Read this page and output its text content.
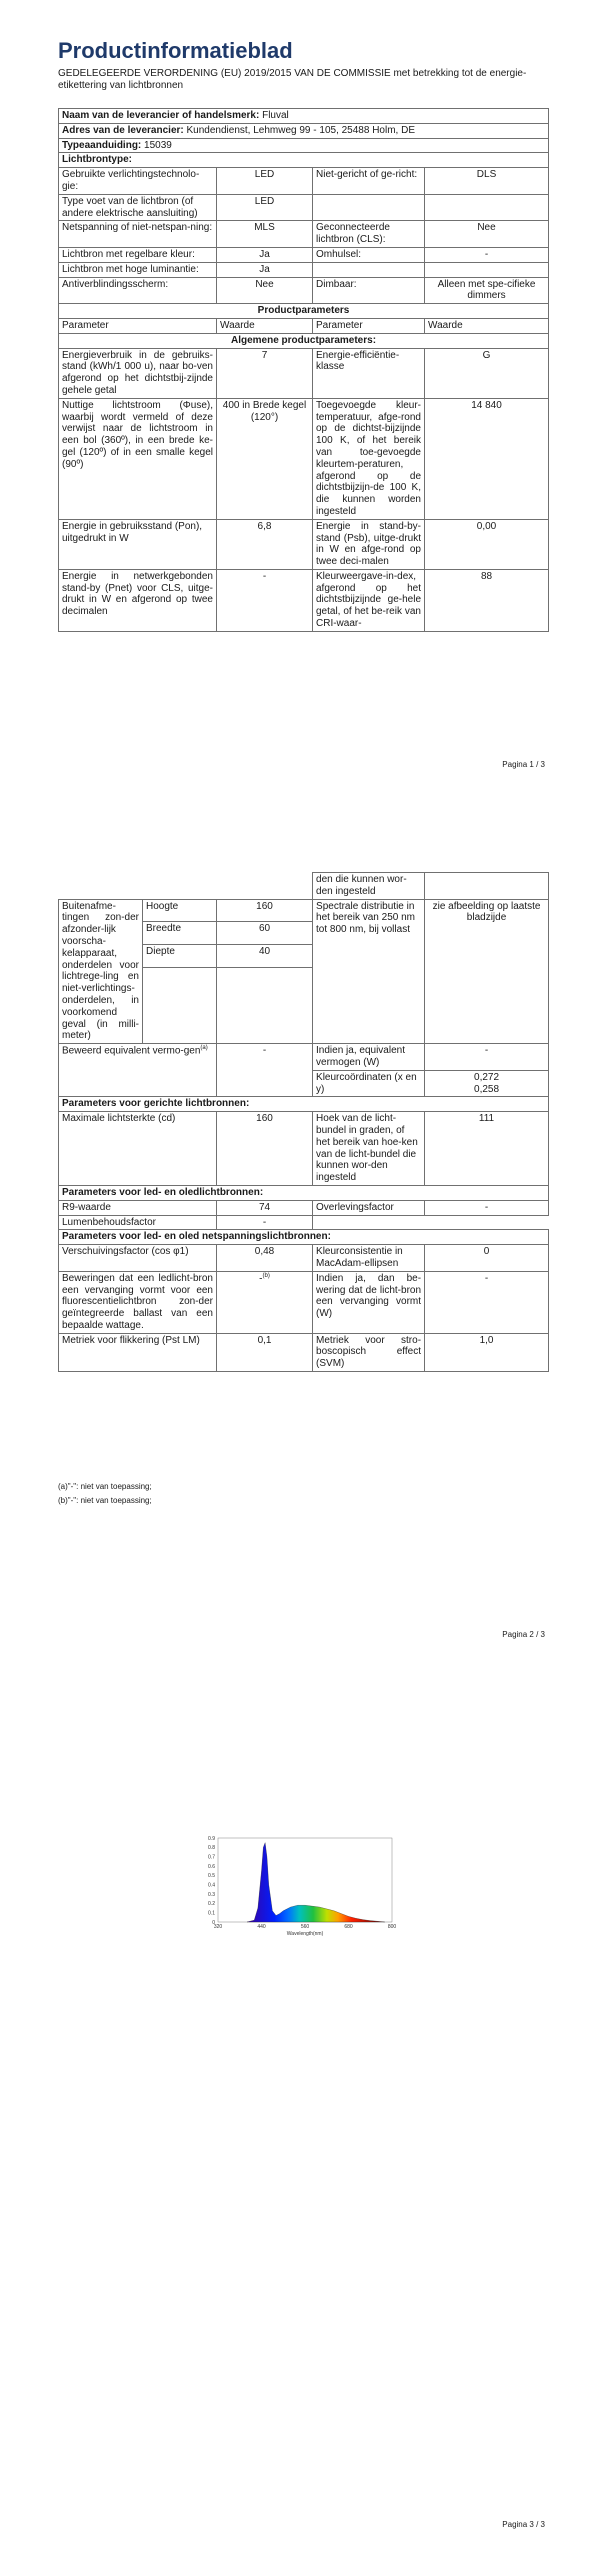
Productinformatieblad
GEDELEGEERDE VERORDENING (EU) 2019/2015 VAN DE COMMISSIE met betrekking tot de energie-etikettering van lichtbronnen
Naam van de leverancier of handelsmerk: Fluval			
Adres van de leverancier: Kundendienst, Lehmweg 99 - 105, 25488 Holm, DE			
Typeaanduiding: 15039			
Lichtbrontype:			
Gebruikte verlichtingstechnolo-gie:	LED	Niet-gericht of ge-richt:	DLS
Type voet van de lichtbron (of andere elektrische aansluiting)	LED		
Netspanning of niet-netspan-ning:	MLS	Geconnecteerde lichtbron (CLS):	Nee
Lichtbron met regelbare kleur:	Ja	Omhulsel:	-
Lichtbron met hoge luminantie:	Ja		
Antiverblindingsscherm:	Nee	Dimbaar:	Alleen met spe-cifieke dimmers
Productparameters			
Parameter	Waarde	Parameter	Waarde
Algemene productparameters:			
Energieverbruik in de gebruiks-stand (kWh/1 000 u), naar bo-ven afgerond op het dichtstbij-zijnde gehele getal	7	Energie-efficiëntie-klasse	G
Nuttige lichtstroom (Φuse), waarbij wordt vermeld of deze verwijst naar de lichtstroom in een bol (360º), in een brede ke-gel (120º) of in een smalle kegel (90º)	400 in Brede kegel (120°)	Toegevoegde kleur-temperatuur, afge-rond op de dichtst-bijzijnde 100 K, of het bereik van toe-gevoegde kleurtem-peraturen, afgerond op de dichtstbijzijn-de 100 K, die kunnen worden ingesteld	14 840
Energie in gebruiksstand (Pon), uitgedrukt in W	6,8	Energie in stand-by-stand (Psb), uitge-drukt in W en afge-rond op twee deci-malen	0,00
Energie in netwerkgebonden stand-by (Pnet) voor CLS, uitge-drukt in W en afgerond op twee decimalen	-	Kleurweergave-in-dex, afgerond op het dichtstbijzijnde ge-hele getal, of het be-reik van CRI-waar-	88
Pagina 1 / 3
			den die kunnen wor-den ingesteld	
Buitenafme-tingen zon-der afzonder-lijk voorscha-kelapparaat, onderdelen voor lichtrege-ling en niet-verlichtings-onderdelen, in voorkomend geval (in milli-meter)	Hoogte	160	Spectrale distributie in het bereik van 250 nm tot 800 nm, bij vollast	zie afbeelding op laatste bladzijde
	Breedte	60		
	Diepte	40		

Beweerd equivalent vermo-gen$^{(a)}$		-	Indien ja, equivalent vermogen (W)	-
			Kleurcoördinaten (x en y)	0,272
0,258

Parameters voor gerichte lichtbronnen:				
Maximale lichtsterkte (cd)		160	Hoek van de licht-bundel in graden, of het bereik van hoe-ken van de licht-bundel die kunnen wor-den ingesteld	111
Parameters voor led- en oledlichtbronnen:				
R9-waarde		74	Overlevingsfactor	-
Lumenbehoudsfactor		-		
Parameters voor led- en oled netspanningslichtbronnen:				
Verschuivingsfactor (cos φ1)		0,48	Kleurconsistentie in MacAdam-ellipsen	0
Beweringen dat een ledlicht-bron een vervanging vormt voor een fluorescentielichtbron zon-der geïntegreerde ballast van een bepaalde wattage.		-$^{(b)}$	Indien ja, dan be-wering dat de licht-bron een vervanging vormt (W)	-
Metriek voor flikkering (Pst LM)		0,1	Metriek voor stro-boscopisch effect (SVM)	1,0
(a)"-": niet van toepassing;
(b)"-": niet van toepassing;
Pagina 2 / 3
320	440	560	680	800
0
0.1
0.2
0.3
0.4
0.5
0.6
0.7
0.8
0.9
Wavelength(nm)
Pagina 3 / 3
